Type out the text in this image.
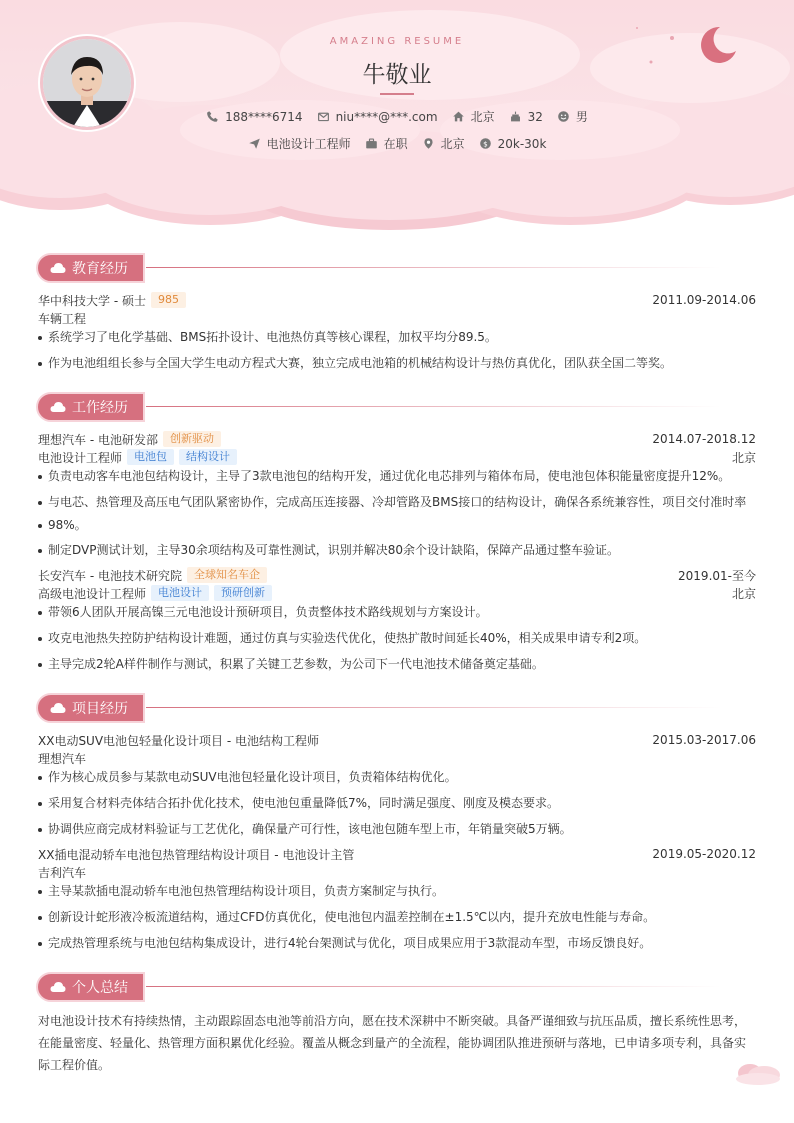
AMAZING RESUME
牛敬业
188****6714	niu****@***.com	北京	32	男
电池设计工程师	在职	北京 $ 20k-30k
教育经历
华中科技大学 - 硕士	985	2011.09-2014.06
车辆工程
系统学习了电化学基础、BMS拓扑设计、电池热仿真等核心课程，加权平均分89.5。
作为电池组组长参与全国大学生电动方程式大赛，独立完成电池箱的机械结构设计与热仿真优化，团队获全国二等奖。
工作经历
理想汽车 - 电池研发部	创新驱动	2014.07-2018.12
电池设计工程师	电池包	结构设计	北京
负责电动客车电池包结构设计，主导了3款电池包的结构开发，通过优化电芯排列与箱体布局，使电池包体积能量密度提升12%。
与电芯、热管理及高压电气团队紧密协作，完成高压连接器、冷却管路及BMS接口的结构设计，确保各系统兼容性，项目交付准时率
98%。
制定DVP测试计划，主导30余项结构及可靠性测试，识别并解决80余个设计缺陷，保障产品通过整车验证。
长安汽车 - 电池技术研究院	全球知名车企	2019.01-至今
高级电池设计工程师	电池设计	预研创新	北京
带领6人团队开展高镍三元电池设计预研项目，负责整体技术路线规划与方案设计。
攻克电池热失控防护结构设计难题，通过仿真与实验迭代优化，使热扩散时间延长40%，相关成果申请专利2项。
主导完成2轮A样件制作与测试，积累了关键工艺参数，为公司下一代电池技术储备奠定基础。
项目经历
XX电动SUV电池包轻量化设计项目 - 电池结构工程师	2015.03-2017.06
理想汽车
作为核心成员参与某款电动SUV电池包轻量化设计项目，负责箱体结构优化。
采用复合材料壳体结合拓扑优化技术，使电池包重量降低7%，同时满足强度、刚度及模态要求。
协调供应商完成材料验证与工艺优化，确保量产可行性，该电池包随车型上市，年销量突破5万辆。
XX插电混动轿车电池包热管理结构设计项目 - 电池设计主管	2019.05-2020.12
吉利汽车
主导某款插电混动轿车电池包热管理结构设计项目，负责方案制定与执行。
创新设计蛇形液冷板流道结构，通过CFD仿真优化，使电池包内温差控制在±1.5℃以内，提升充放电性能与寿命。
完成热管理系统与电池包结构集成设计，进行4轮台架测试与优化，项目成果应用于3款混动车型，市场反馈良好。
个人总结
对电池设计技术有持续热情，主动跟踪固态电池等前沿方向，愿在技术深耕中不断突破。具备严谨细致与抗压品质，擅长系统性思考，
在能量密度、轻量化、热管理方面积累优化经验。覆盖从概念到量产的全流程，能协调团队推进预研与落地，已申请多项专利，具备实
际工程价值。
